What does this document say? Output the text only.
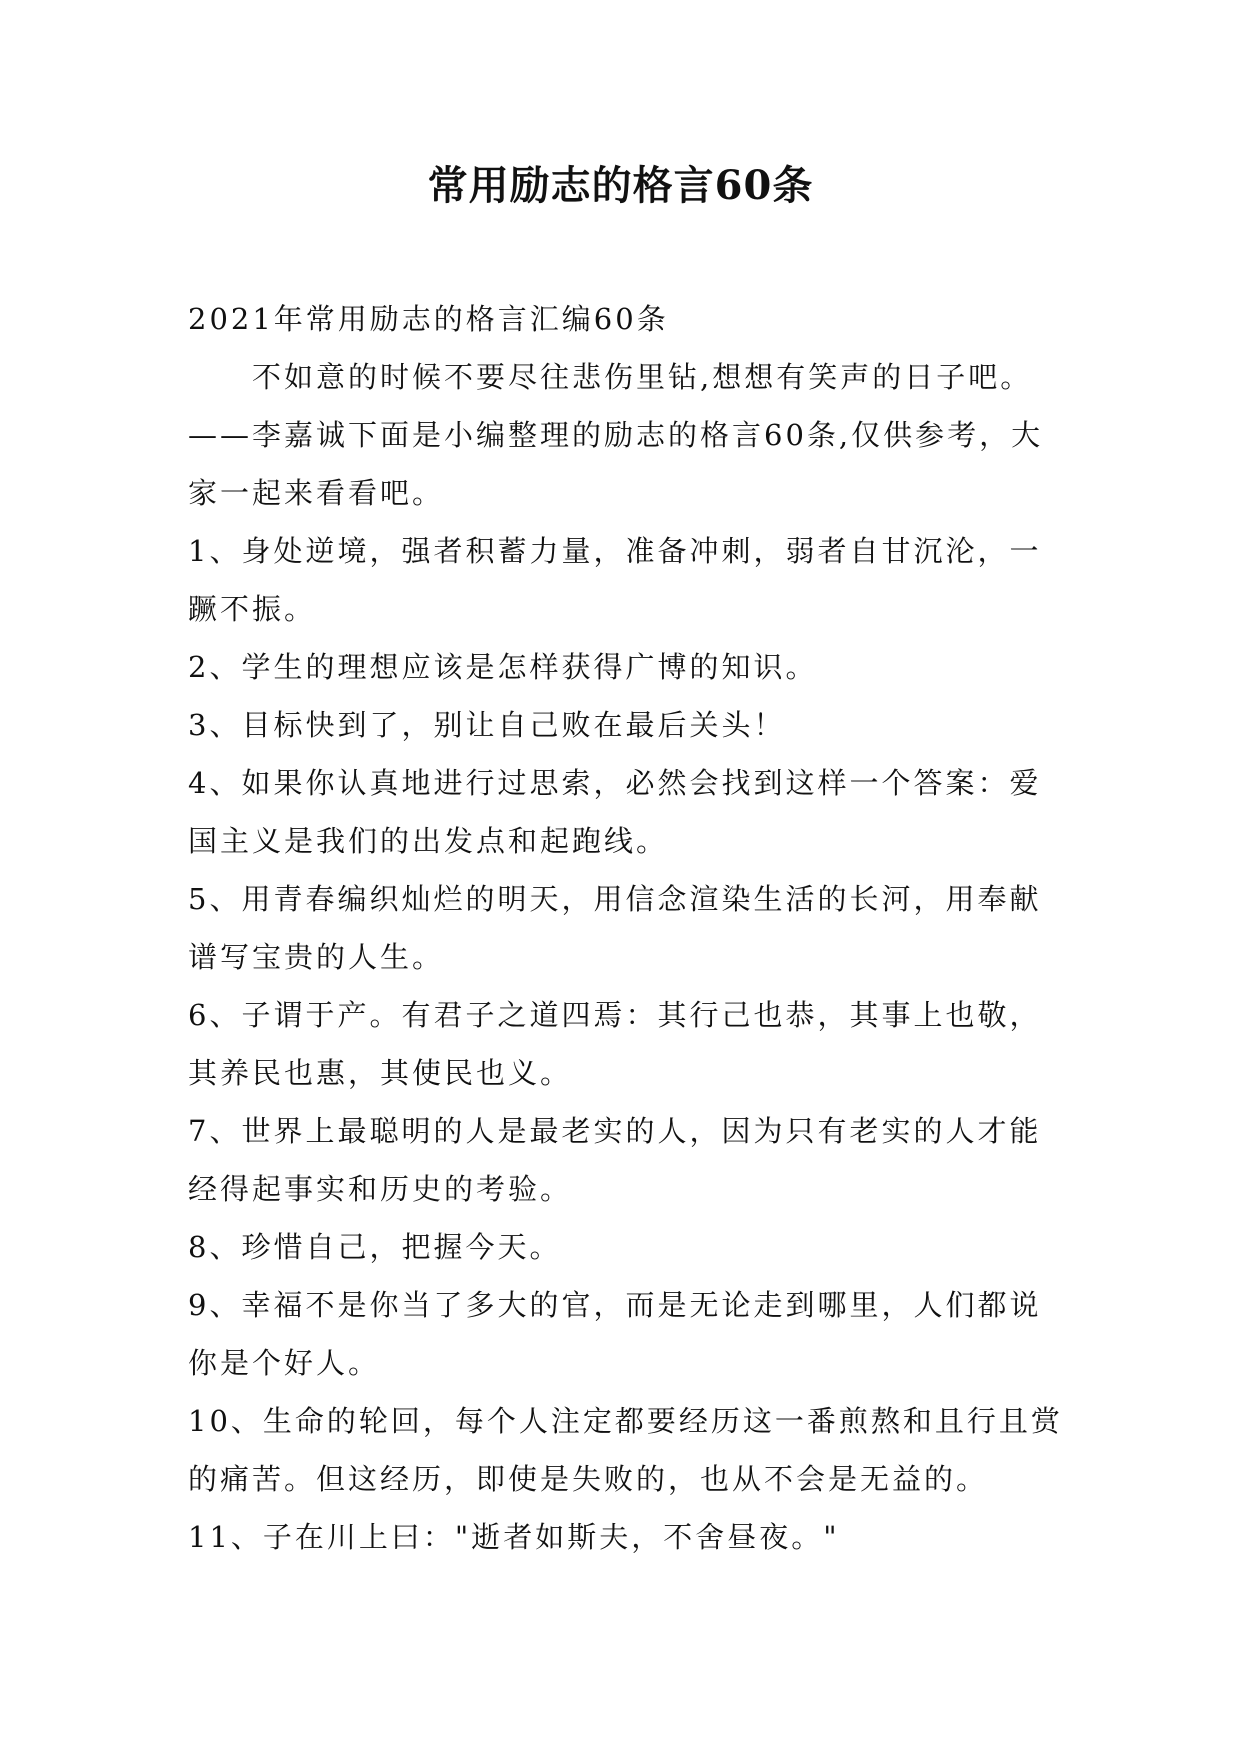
常用励志的格言60条

2021年常用励志的格言汇编60条

不如意的时候不要尽往悲伤里钻,想想有笑声的日子吧。——李嘉诚下面是小编整理的励志的格言60条,仅供参考，大家一起来看看吧。

1、身处逆境，强者积蓄力量，准备冲刺，弱者自甘沉沦，一蹶不振。

2、学生的理想应该是怎样获得广博的知识。

3、目标快到了，别让自己败在最后关头！

4、如果你认真地进行过思索，必然会找到这样一个答案：爱国主义是我们的出发点和起跑线。

5、用青春编织灿烂的明天，用信念渲染生活的长河，用奉献谱写宝贵的人生。

6、子谓于产。有君子之道四焉：其行己也恭，其事上也敬，其养民也惠，其使民也义。

7、世界上最聪明的人是最老实的人，因为只有老实的人才能经得起事实和历史的考验。

8、珍惜自己，把握今天。

9、幸福不是你当了多大的官，而是无论走到哪里，人们都说你是个好人。

10、生命的轮回，每个人注定都要经历这一番煎熬和且行且赏的痛苦。但这经历，即使是失败的，也从不会是无益的。

11、子在川上曰："逝者如斯夫，不舍昼夜。"
